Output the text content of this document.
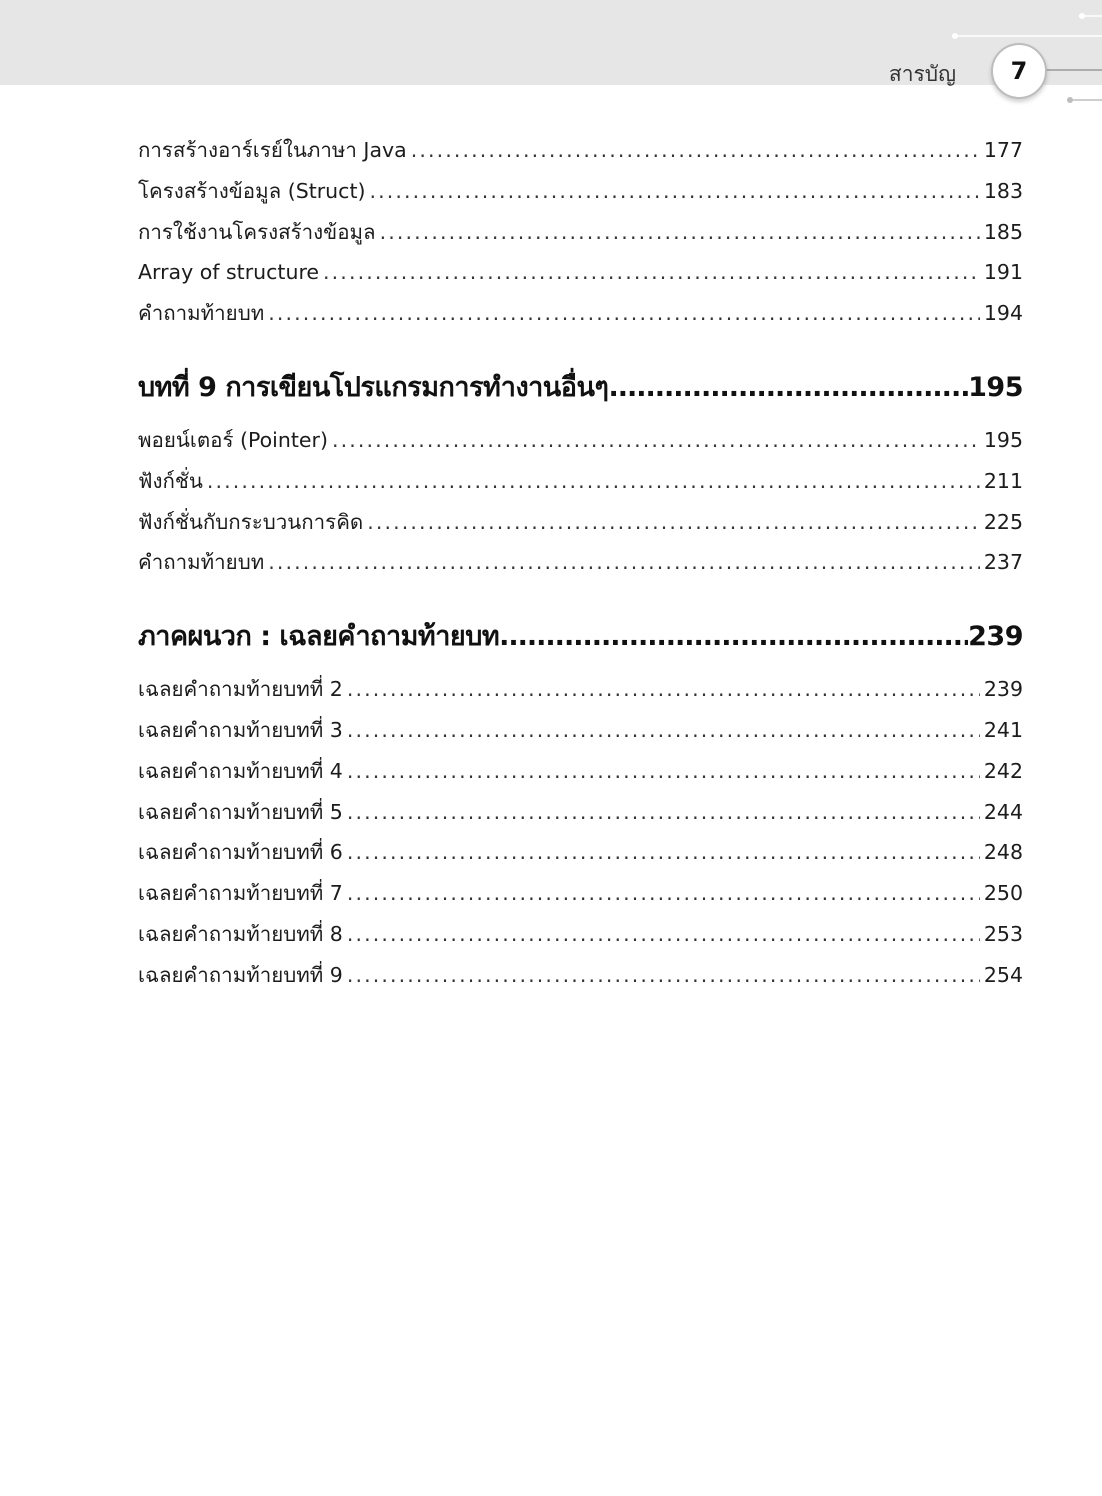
สารบัญ 7
การสร้างอาร์เรย์ในภาษา Java . . .	177
โครงสร้างข้อมูล (Struct) . . .	183
การใช้งานโครงสร้างข้อมูล . . .	185
Array of structure . . .	191
คำถามท้ายบท . . .	194
บทที่ 9 การเขียนโปรแกรมการทำงานอื่นๆ .....	195
พอยน์เตอร์ (Pointer) . . .	195
ฟังก์ชั่น . . .	211
ฟังก์ชั่นกับกระบวนการคิด . . .	225
คำถามท้ายบท . . .	237
ภาคผนวก : เฉลยคำถามท้ายบท .....	239
เฉลยคำถามท้ายบทที่ 2 . . .	239
เฉลยคำถามท้ายบทที่ 3 . . .	241
เฉลยคำถามท้ายบทที่ 4 . . .	242
เฉลยคำถามท้ายบทที่ 5 . . .	244
เฉลยคำถามท้ายบทที่ 6 . . .	248
เฉลยคำถามท้ายบทที่ 7 . . .	250
เฉลยคำถามท้ายบทที่ 8 . . .	253
เฉลยคำถามท้ายบทที่ 9 . . .	254
